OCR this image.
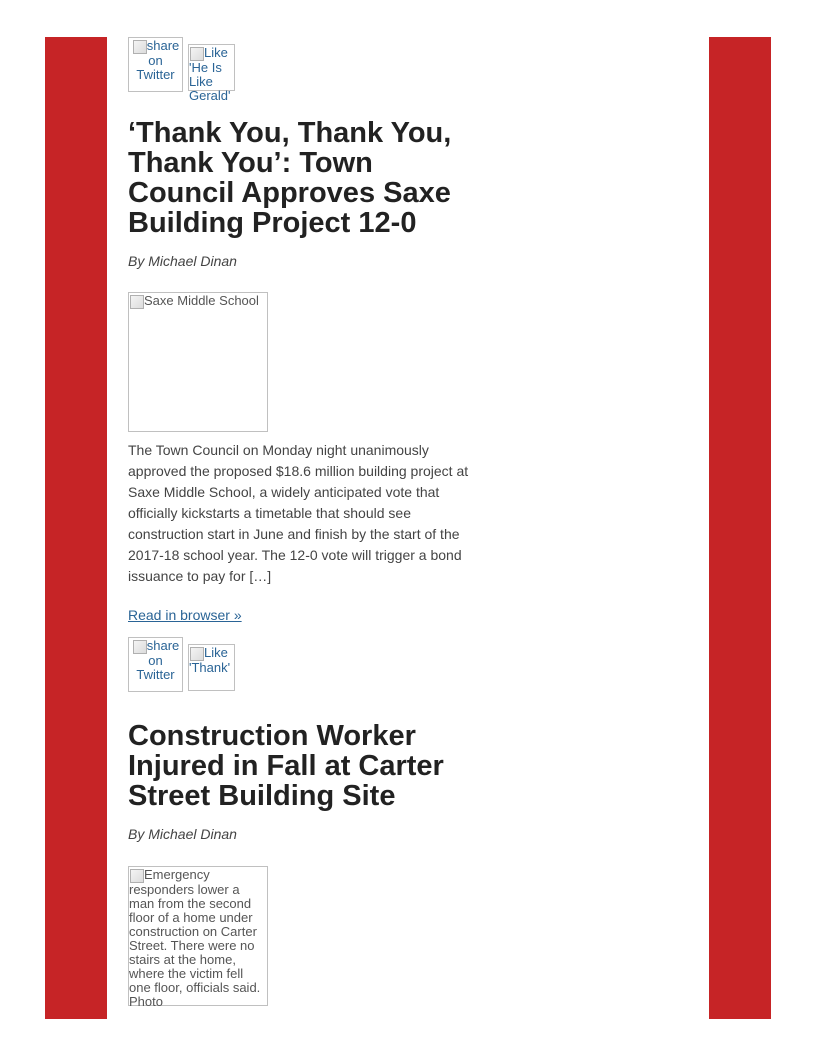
share on Twitter
Like 'He Is Like Gerald'
‘Thank You, Thank You, Thank You’: Town Council Approves Saxe Building Project 12-0

By Michael Dinan

Saxe Middle School

The Town Council on Monday night unanimously approved the proposed $18.6 million building project at Saxe Middle School, a widely anticipated vote that officially kickstarts a timetable that should see construction start in June and finish by the start of the 2017-18 school year. The 12-0 vote will trigger a bond issuance to pay for […]

Read in browser »
share on Twitter
Like 'Thank'
Construction Worker Injured in Fall at Carter Street Building Site

By Michael Dinan

Emergency responders lower a man from the second floor of a home under construction on Carter Street. There were no stairs at the home, where the victim fell one floor, officials said. Photo
